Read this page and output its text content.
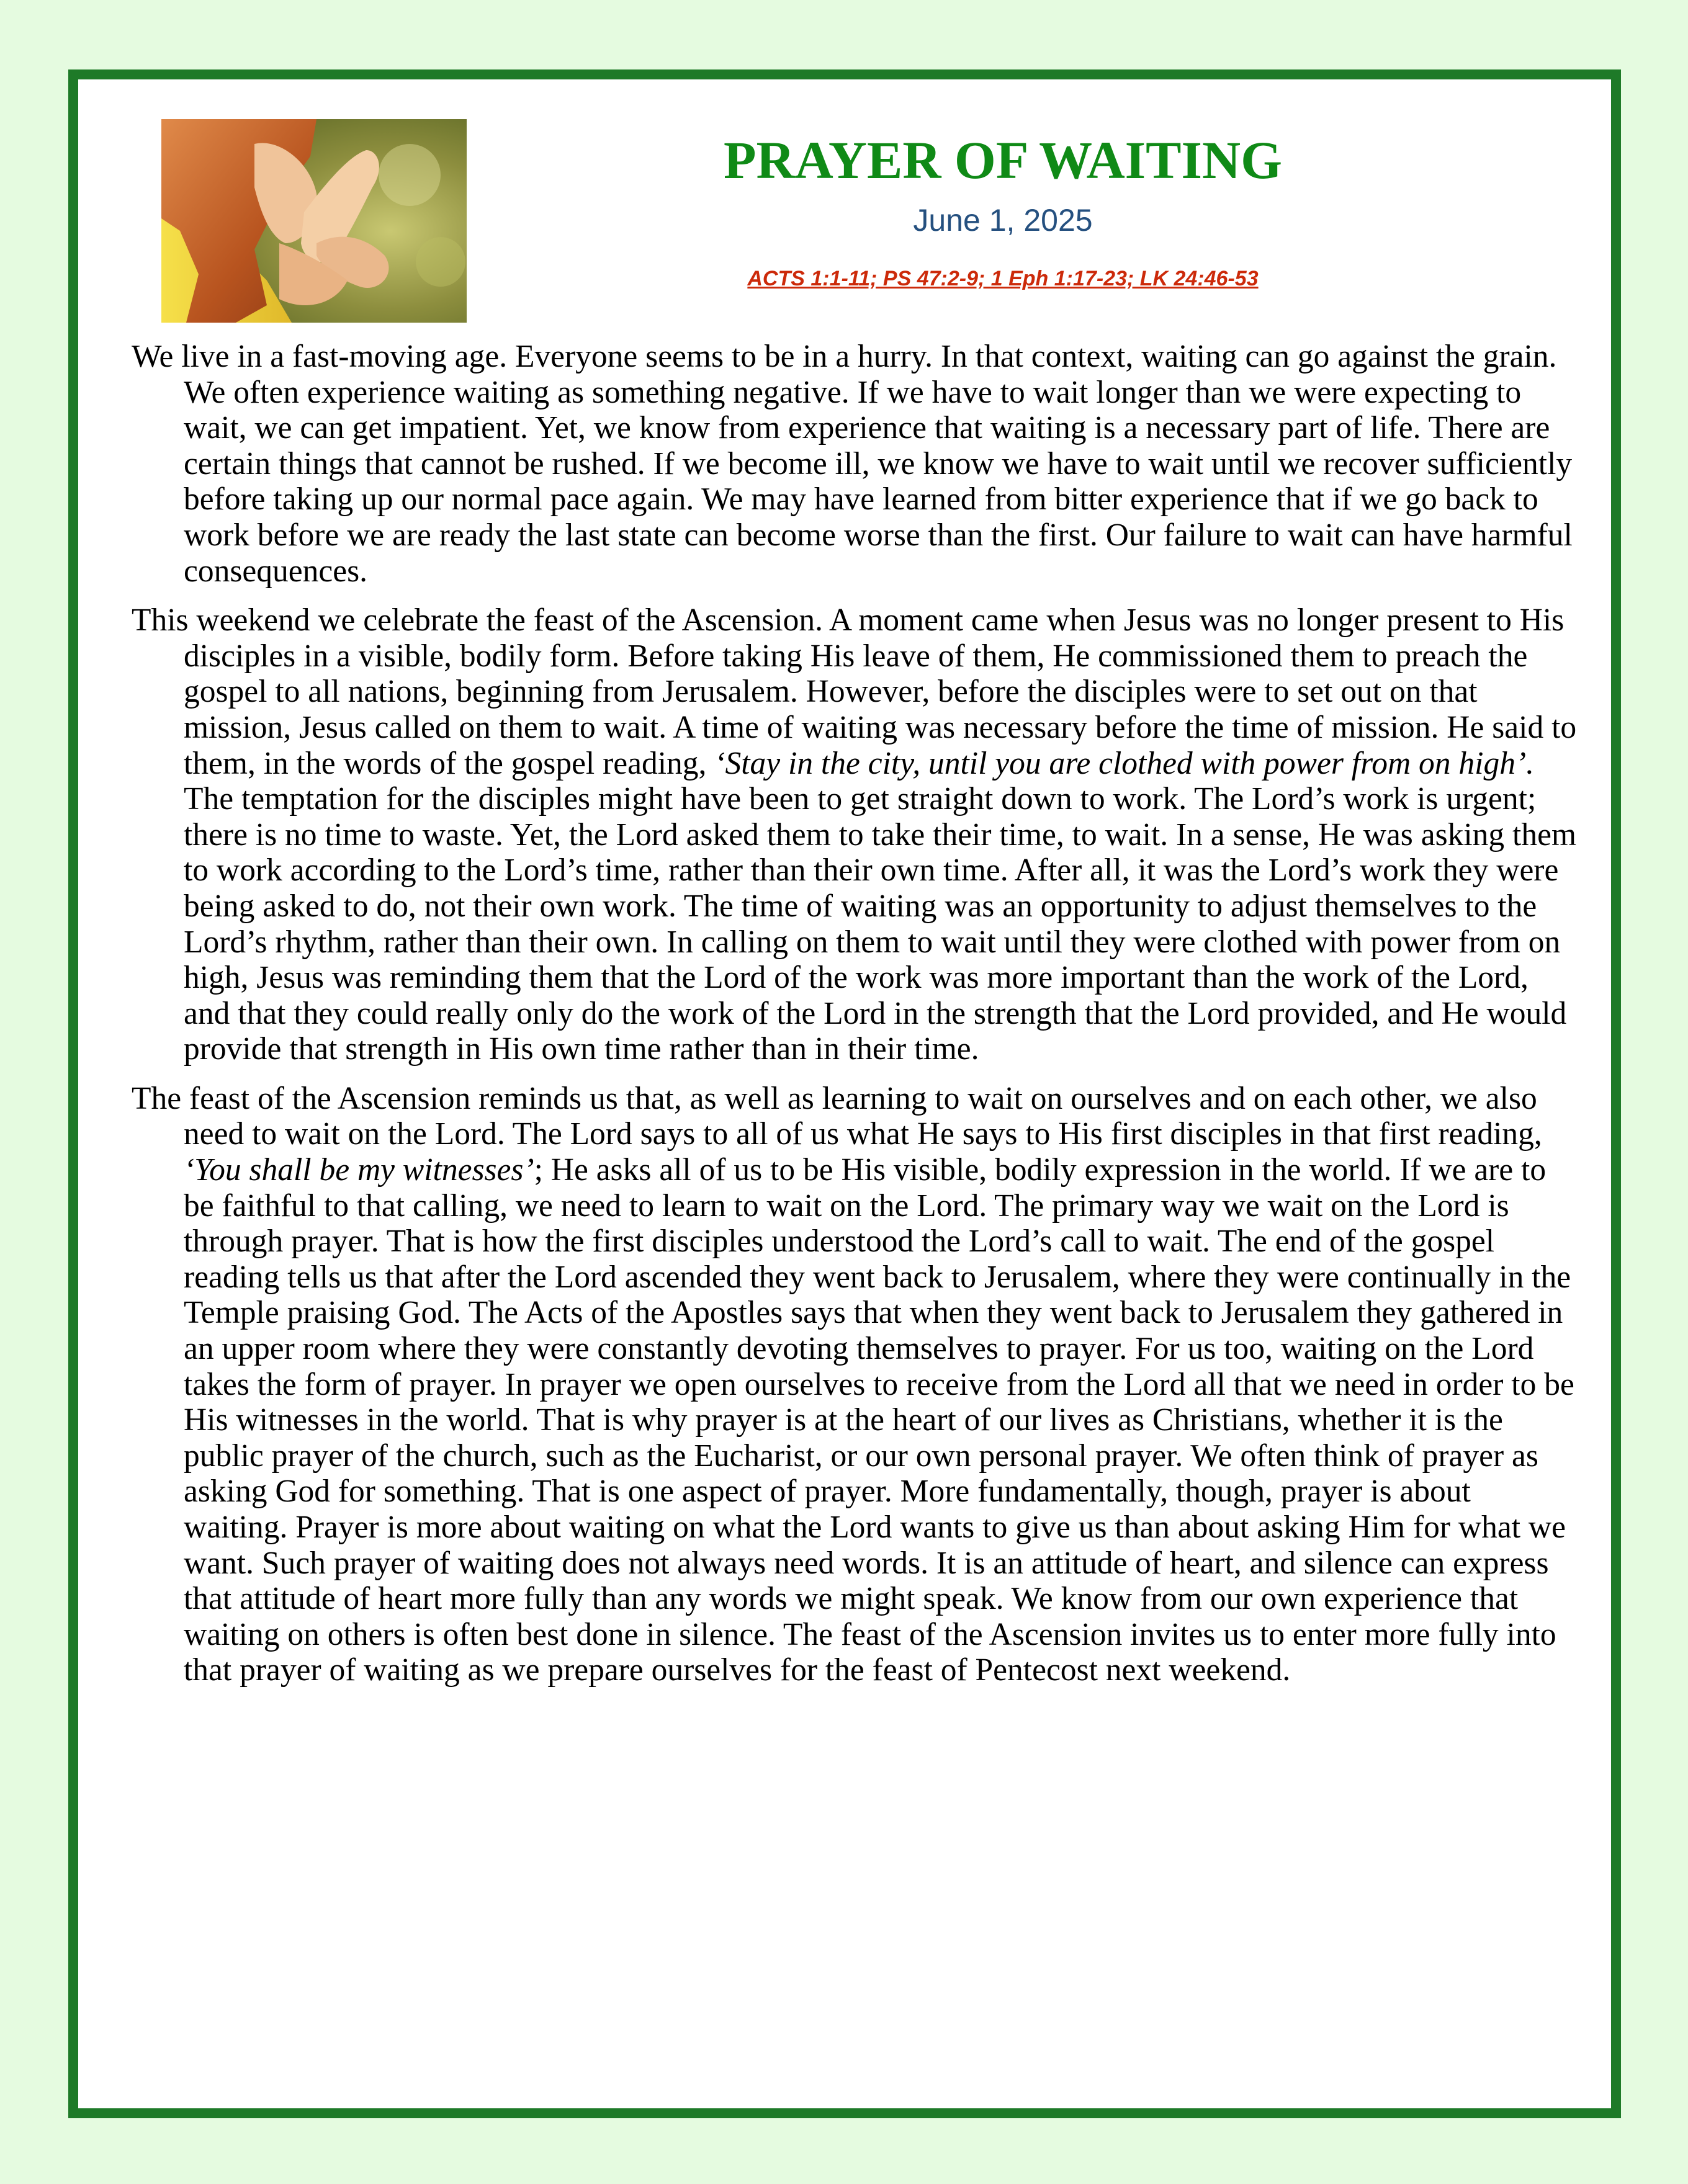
PRAYER OF WAITING
June 1, 2025
ACTS 1:1-11; PS 47:2-9; 1 Eph 1:17-23; LK 24:46-53

We live in a fast-moving age. Everyone seems to be in a hurry. In that context, waiting can go against the grain. We often experience waiting as something negative. If we have to wait longer than we were expecting to wait, we can get impatient. Yet, we know from experience that waiting is a necessary part of life. There are certain things that cannot be rushed. If we become ill, we know we have to wait until we recover sufficiently before taking up our normal pace again. We may have learned from bitter experience that if we go back to work before we are ready the last state can become worse than the first. Our failure to wait can have harmful consequences.

This weekend we celebrate the feast of the Ascension. A moment came when Jesus was no longer present to His disciples in a visible, bodily form. Before taking His leave of them, He commissioned them to preach the gospel to all nations, beginning from Jerusalem. However, before the disciples were to set out on that mission, Jesus called on them to wait. A time of waiting was necessary before the time of mission. He said to them, in the words of the gospel reading, ‘Stay in the city, until you are clothed with power from on high’. The temptation for the disciples might have been to get straight down to work. The Lord’s work is urgent; there is no time to waste. Yet, the Lord asked them to take their time, to wait. In a sense, He was asking them to work according to the Lord’s time, rather than their own time. After all, it was the Lord’s work they were being asked to do, not their own work. The time of waiting was an opportunity to adjust themselves to the Lord’s rhythm, rather than their own. In calling on them to wait until they were clothed with power from on high, Jesus was reminding them that the Lord of the work was more important than the work of the Lord, and that they could really only do the work of the Lord in the strength that the Lord provided, and He would provide that strength in His own time rather than in their time.

The feast of the Ascension reminds us that, as well as learning to wait on ourselves and on each other, we also need to wait on the Lord. The Lord says to all of us what He says to His first disciples in that first reading, ‘You shall be my witnesses’; He asks all of us to be His visible, bodily expression in the world. If we are to be faithful to that calling, we need to learn to wait on the Lord. The primary way we wait on the Lord is through prayer. That is how the first disciples understood the Lord’s call to wait. The end of the gospel reading tells us that after the Lord ascended they went back to Jerusalem, where they were continually in the Temple praising God. The Acts of the Apostles says that when they went back to Jerusalem they gathered in an upper room where they were constantly devoting themselves to prayer. For us too, waiting on the Lord takes the form of prayer. In prayer we open ourselves to receive from the Lord all that we need in order to be His witnesses in the world. That is why prayer is at the heart of our lives as Christians, whether it is the public prayer of the church, such as the Eucharist, or our own personal prayer. We often think of prayer as asking God for something. That is one aspect of prayer. More fundamentally, though, prayer is about waiting. Prayer is more about waiting on what the Lord wants to give us than about asking Him for what we want. Such prayer of waiting does not always need words. It is an attitude of heart, and silence can express that attitude of heart more fully than any words we might speak. We know from our own experience that waiting on others is often best done in silence. The feast of the Ascension invites us to enter more fully into that prayer of waiting as we prepare ourselves for the feast of Pentecost next weekend.
